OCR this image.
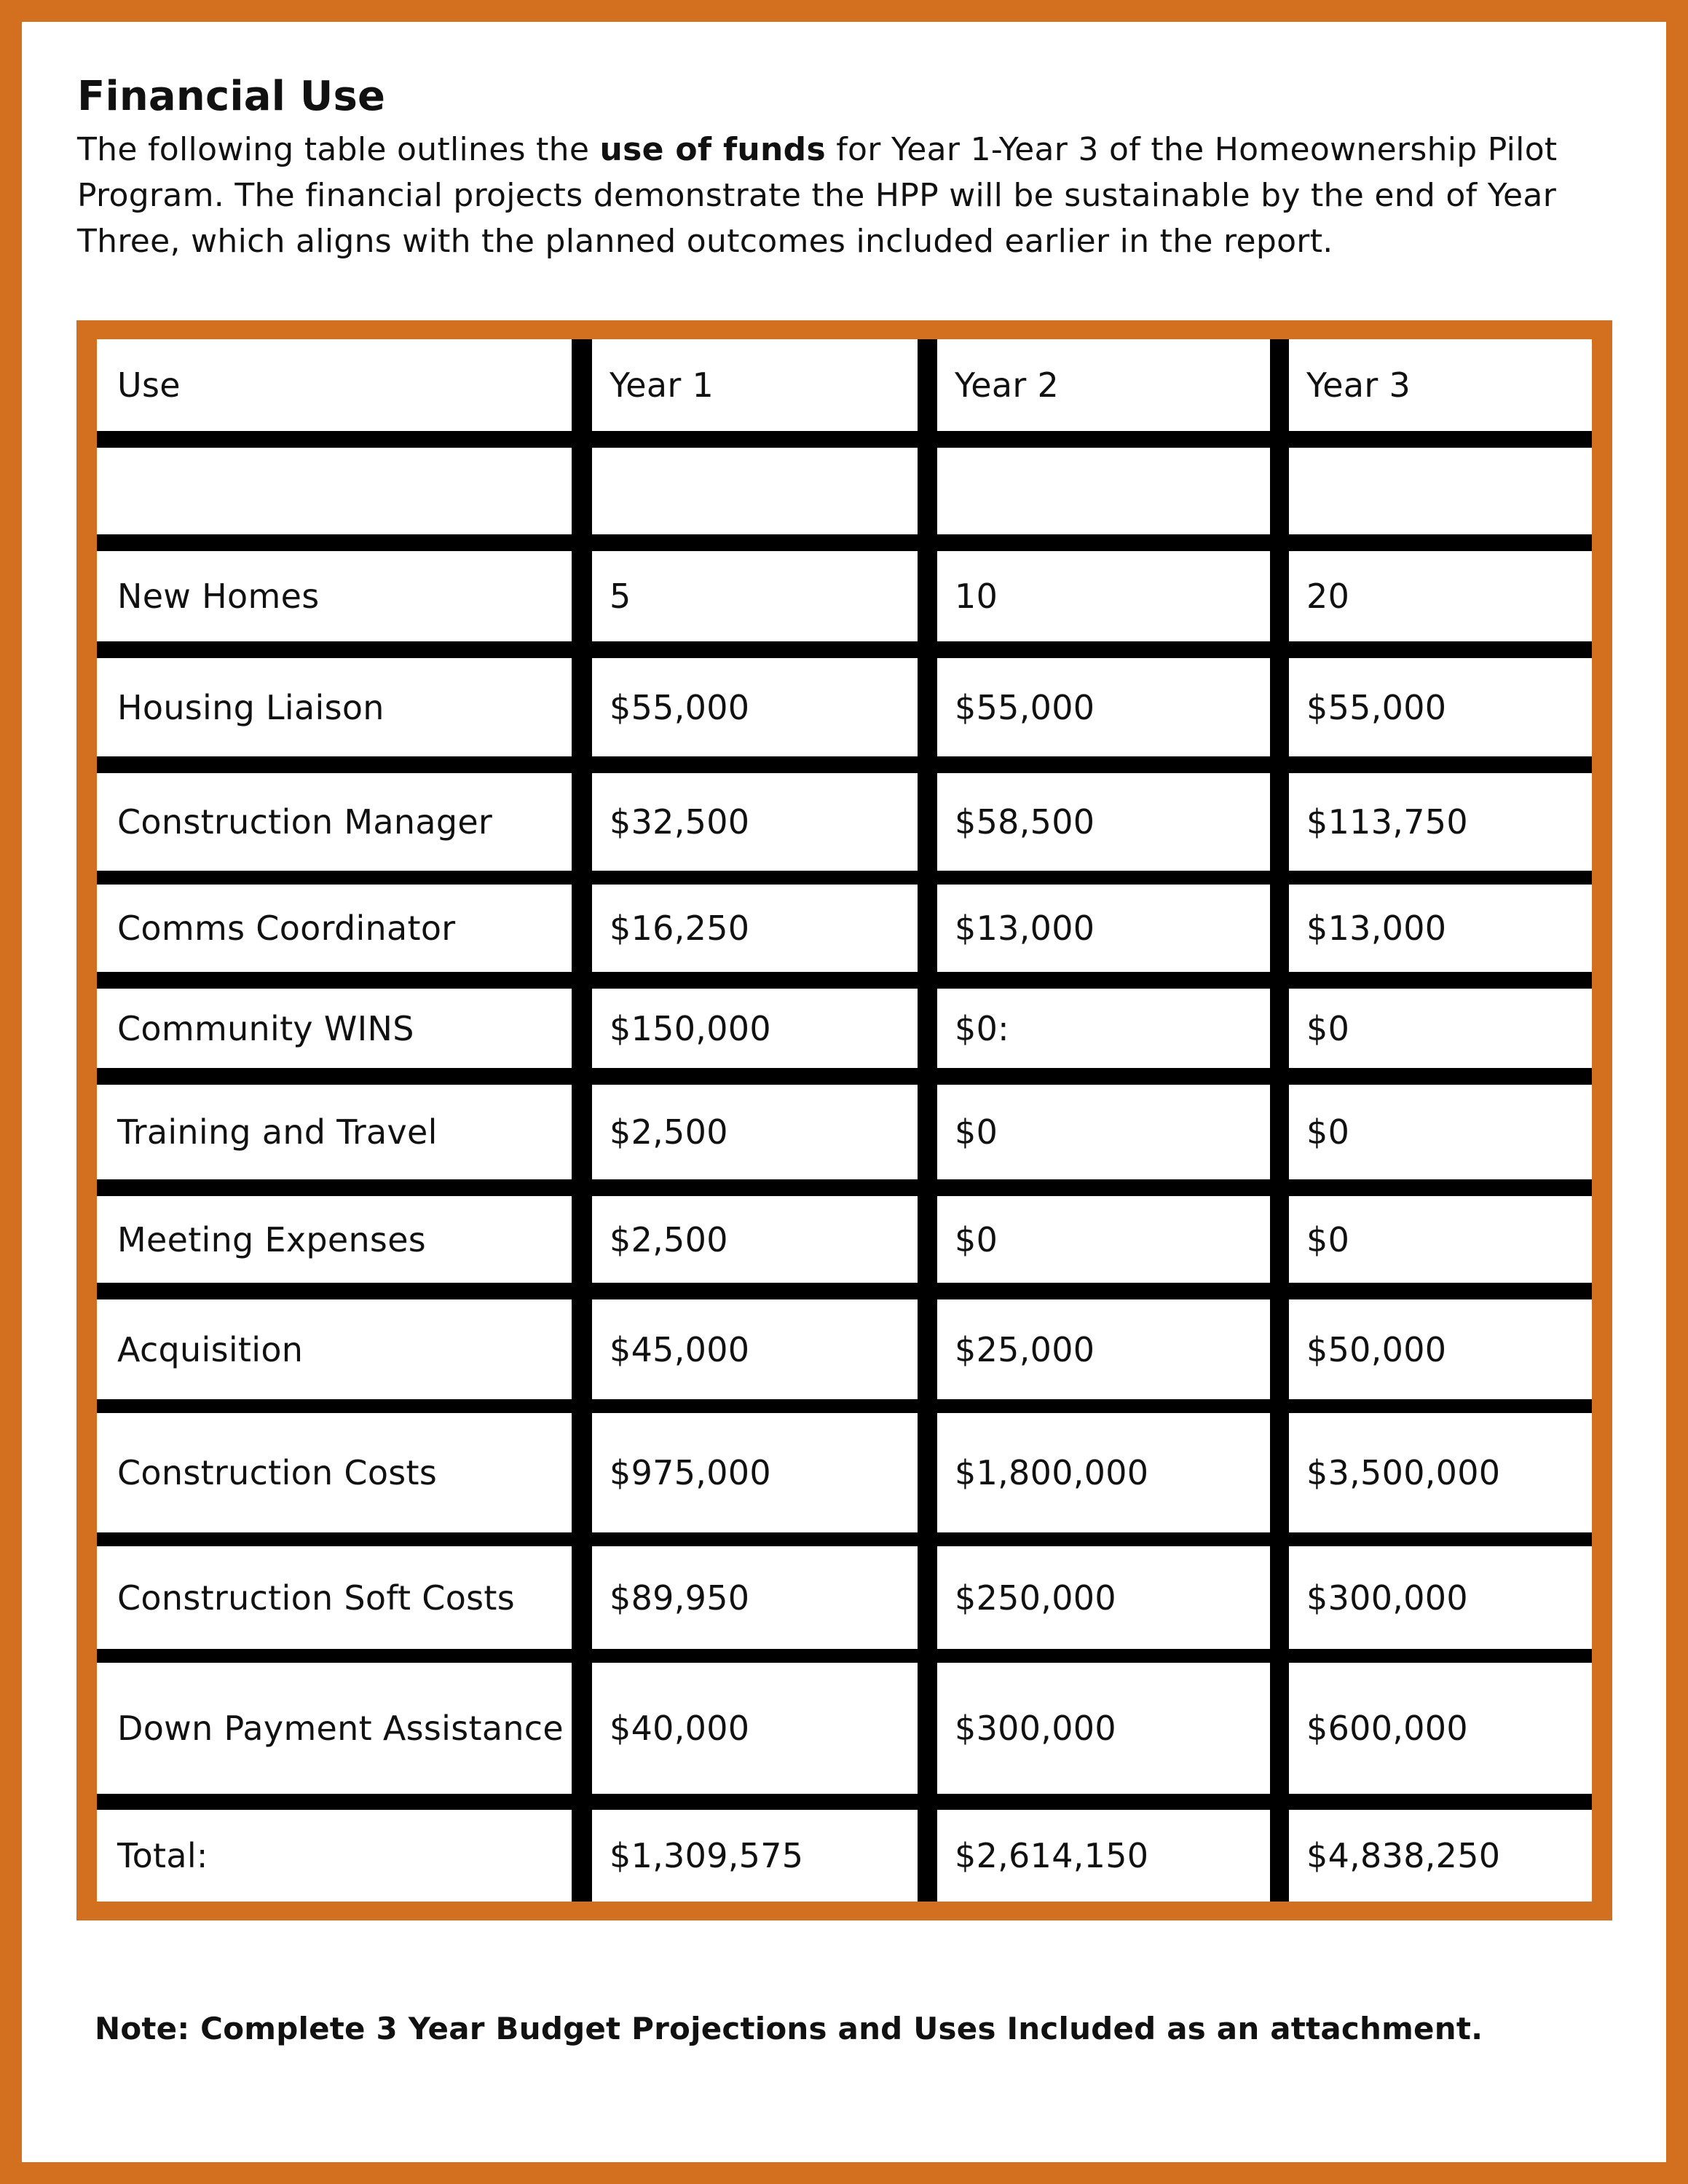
Financial Use

The following table outlines the use of funds for Year 1-Year 3 of the Homeownership Pilot Program. The financial projects demonstrate the HPP will be sustainable by the end of Year Three, which aligns with the planned outcomes included earlier in the report.

Use	Year 1	Year 2	Year 3
New Homes	5	10	20
Housing Liaison	$55,000	$55,000	$55,000
Construction Manager	$32,500	$58,500	$113,750
Comms Coordinator	$16,250	$13,000	$13,000
Community WINS	$150,000	$0:	$0
Training and Travel	$2,500	$0	$0
Meeting Expenses	$2,500	$0	$0
Acquisition	$45,000	$25,000	$50,000
Construction Costs	$975,000	$1,800,000	$3,500,000
Construction Soft Costs	$89,950	$250,000	$300,000
Down Payment Assistance	$40,000	$300,000	$600,000
Total:	$1,309,575	$2,614,150	$4,838,250

Note: Complete 3 Year Budget Projections and Uses Included as an attachment.
